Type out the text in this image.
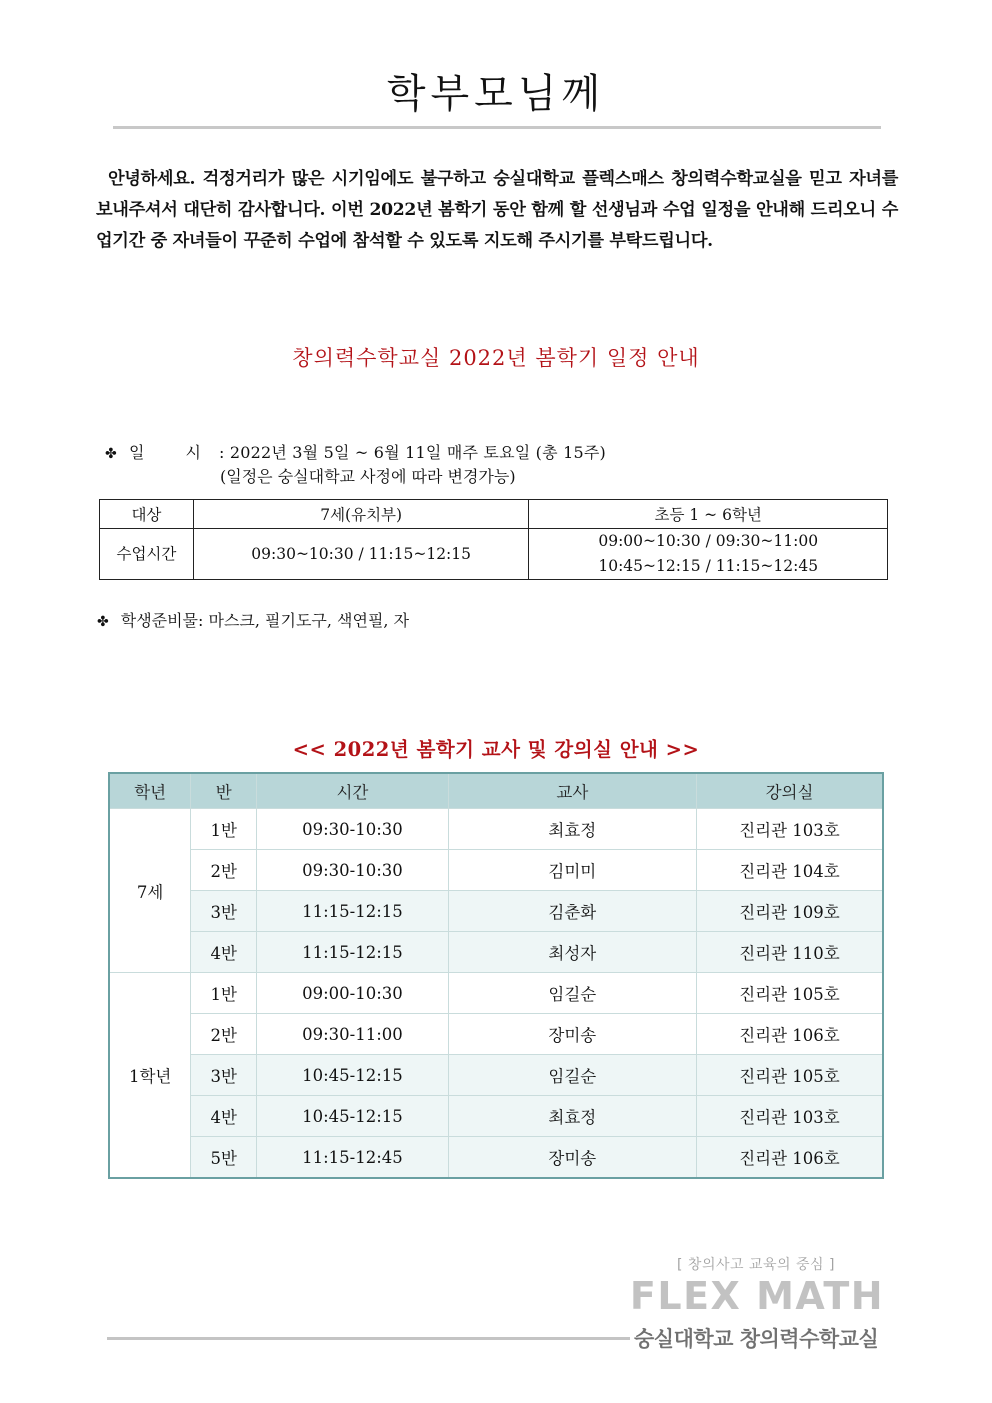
학부모님께
안녕하세요. 걱정거리가 많은 시기임에도 불구하고 숭실대학교 플렉스매스 창의력수학교실을 믿고 자녀를 보내주셔서 대단히 감사합니다. 이번 2022년 봄학기 동안 함께 할 선생님과 수업 일정을 안내해 드리오니 수업기간 중 자녀들이 꾸준히 수업에 참석할 수 있도록 지도해 주시기를 부탁드립니다.
창의력수학교실 2022년 봄학기 일정 안내
✤ 일 시: 2022년 3월 5일 ~ 6월 11일 매주 토요일 (총 15주)
(일정은 숭실대학교 사정에 따라 변경가능)
대상	7세(유치부)	초등 1 ~ 6학년
수업시간	09:30~10:30 / 11:15~12:15	09:00~10:30 / 09:30~11:00
10:45~12:15 / 11:15~12:45
✤ 학생준비물: 마스크, 필기도구, 색연필, 자
<< 2022년 봄학기 교사 및 강의실 안내 >>
학년	반	시간	교사	강의실
7세	1반	09:30-10:30	최효정	진리관 103호
	2반	09:30-10:30	김미미	진리관 104호
	3반	11:15-12:15	김춘화	진리관 109호
	4반	11:15-12:15	최성자	진리관 110호
1학년	1반	09:00-10:30	임길순	진리관 105호
	2반	09:30-11:00	장미송	진리관 106호
	3반	10:45-12:15	임길순	진리관 105호
	4반	10:45-12:15	최효정	진리관 103호
	5반	11:15-12:45	장미송	진리관 106호
[ 창의사고 교육의 중심 ]
FLEX MATH
숭실대학교 창의력수학교실
